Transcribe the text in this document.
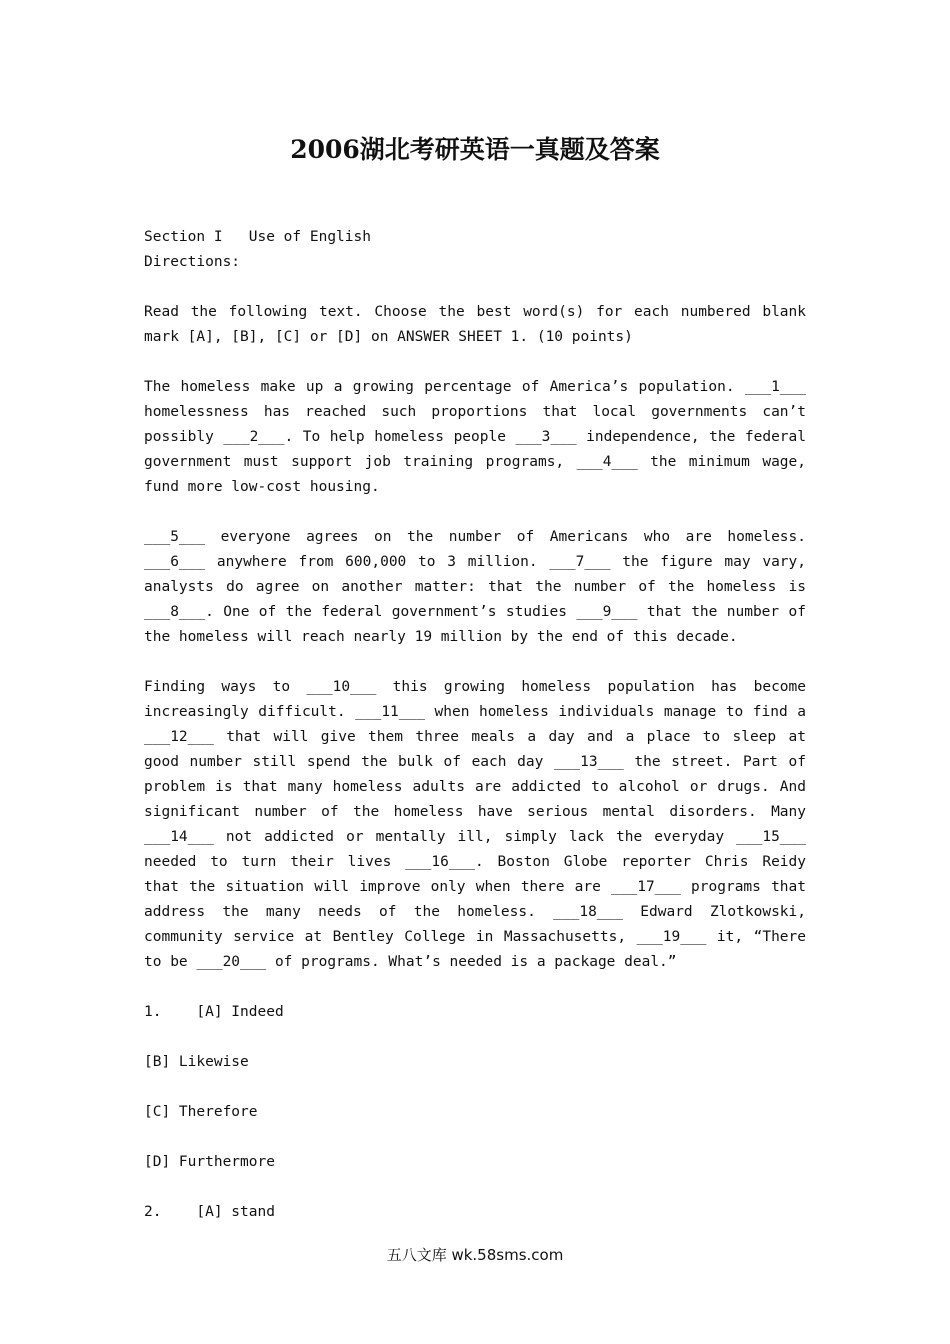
2006湖北考研英语一真题及答案
Section I   Use of English
Directions:
Read the following text. Choose the best word(s) for each numbered blank
mark [A], [B], [C] or [D] on ANSWER SHEET 1. (10 points)
The homeless make up a growing percentage of America’s population. ___1___
homelessness has reached such proportions that local governments can’t
possibly ___2___. To help homeless people ___3___ independence, the federal
government must support job training programs, ___4___ the minimum wage,
fund more low-cost housing.
___5___ everyone agrees on the number of Americans who are homeless.
___6___ anywhere from 600,000 to 3 million. ___7___ the figure may vary,
analysts do agree on another matter: that the number of the homeless is
___8___. One of the federal government’s studies ___9___ that the number of
the homeless will reach nearly 19 million by the end of this decade.
Finding ways to ___10___ this growing homeless population has become
increasingly difficult. ___11___ when homeless individuals manage to find a
___12___ that will give them three meals a day and a place to sleep at
good number still spend the bulk of each day ___13___ the street. Part of
problem is that many homeless adults are addicted to alcohol or drugs. And
significant number of the homeless have serious mental disorders. Many
___14___ not addicted or mentally ill, simply lack the everyday ___15___
needed to turn their lives ___16___. Boston Globe reporter Chris Reidy
that the situation will improve only when there are ___17___ programs that
address the many needs of the homeless. ___18___ Edward Zlotkowski,
community service at Bentley College in Massachusetts, ___19___ it, “There
to be ___20___ of programs. What’s needed is a package deal.”
1.    [A] Indeed
[B] Likewise
[C] Therefore
[D] Furthermore
2.    [A] stand
五八文库 wk.58sms.com
